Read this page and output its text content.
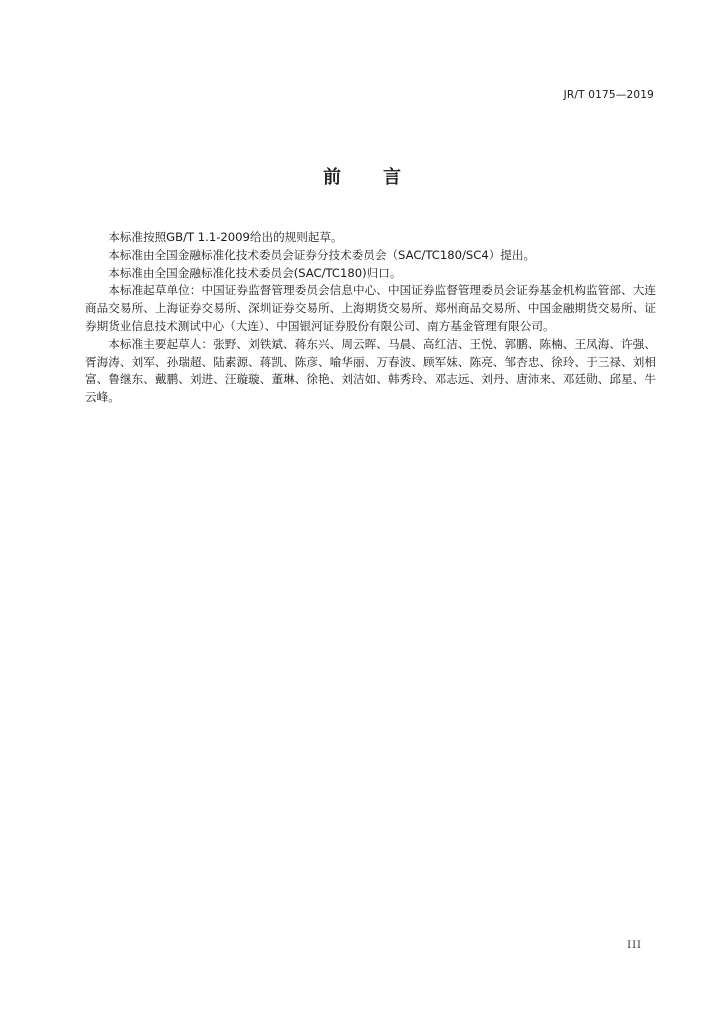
JR/T 0175—2019
前 言

本标准按照GB/T 1.1-2009给出的规则起草。

本标准由全国金融标准化技术委员会证券分技术委员会（SAC/TC180/SC4）提出。

本标准由全国金融标准化技术委员会(SAC/TC180)归口。

本标准起草单位：中国证券监督管理委员会信息中心、中国证券监督管理委员会证券基金机构监管部、大连商品交易所、上海证券交易所、深圳证券交易所、上海期货交易所、郑州商品交易所、中国金融期货交易所、证券期货业信息技术测试中心（大连）、中国银河证券股份有限公司、南方基金管理有限公司。

本标准主要起草人：张野、刘铁斌、蒋东兴、周云晖、马晨、高红洁、王悦、郭鹏、陈楠、王凤海、许强、胥海涛、刘军、孙瑞超、陆素源、蒋凯、陈彦、喻华丽、万春波、顾军妹、陈亮、邹杏忠、徐玲、于三禄、刘相富、鲁继东、戴鹏、刘进、汪璇璇、董琳、徐艳、刘洁如、韩秀玲、邓志远、刘丹、唐沛来、邓廷勋、邱星、牛云峰。

III
